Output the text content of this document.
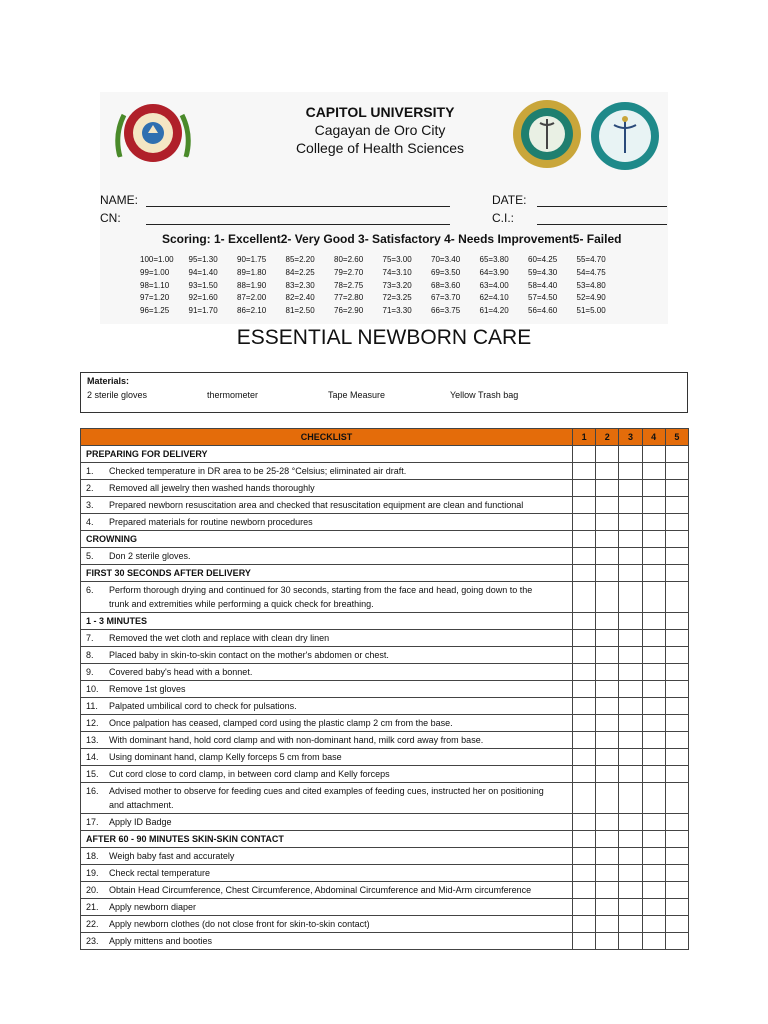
CAPITOL UNIVERSITY
Cagayan de Oro City
College of Health Sciences
NAME:
CN:
DATE:
C.I.:
Scoring: 1- Excellent2- Very Good 3- Satisfactory 4- Needs Improvement5- Failed
100=1.00	95=1.30	90=1.75	85=2.20	80=2.60	75=3.00	70=3.40	65=3.80	60=4.25	55=4.70
99=1.00	94=1.40	89=1.80	84=2.25	79=2.70	74=3.10	69=3.50	64=3.90	59=4.30	54=4.75
98=1.10	93=1.50	88=1.90	83=2.30	78=2.75	73=3.20	68=3.60	63=4.00	58=4.40	53=4.80
97=1.20	92=1.60	87=2.00	82=2.40	77=2.80	72=3.25	67=3.70	62=4.10	57=4.50	52=4.90
96=1.25	91=1.70	86=2.10	81=2.50	76=2.90	71=3.30	66=3.75	61=4.20	56=4.60	51=5.00
ESSENTIAL NEWBORN CARE
Materials:
2 sterile gloves	thermometer	Tape Measure	Yellow Trash bag
CHECKLIST	1	2	3	4	5
PREPARING FOR DELIVERY					
1. Checked temperature in DR area to be 25-28 °Celsius; eliminated air draft.					
2. Removed all jewelry then washed hands thoroughly					
3. Prepared newborn resuscitation area and checked that resuscitation equipment are clean and functional					
4. Prepared materials for routine newborn procedures					
CROWNING					
5. Don 2 sterile gloves.					
FIRST 30 SECONDS AFTER DELIVERY					
6. Perform thorough drying and continued for 30 seconds, starting from the face and head, going down to the trunk and extremities while performing a quick check for breathing.					
1 - 3 MINUTES					
7. Removed the wet cloth and replace with clean dry linen					
8. Placed baby in skin-to-skin contact on the mother's abdomen or chest.					
9. Covered baby's head with a bonnet.					
10. Remove 1st gloves					
11. Palpated umbilical cord to check for pulsations.					
12. Once palpation has ceased, clamped cord using the plastic clamp 2 cm from the base.					
13. With dominant hand, hold cord clamp and with non-dominant hand, milk cord away from base.					
14. Using dominant hand, clamp Kelly forceps 5 cm from base					
15. Cut cord close to cord clamp, in between cord clamp and Kelly forceps					
16. Advised mother to observe for feeding cues and cited examples of feeding cues, instructed her on positioning and attachment.					
17. Apply ID Badge					
AFTER 60 - 90 MINUTES SKIN-SKIN CONTACT					
18. Weigh baby fast and accurately					
19. Check rectal temperature					
20. Obtain Head Circumference, Chest Circumference, Abdominal Circumference and Mid-Arm circumference					
21. Apply newborn diaper					
22. Apply newborn clothes (do not close front for skin-to-skin contact)					
23. Apply mittens and booties					
